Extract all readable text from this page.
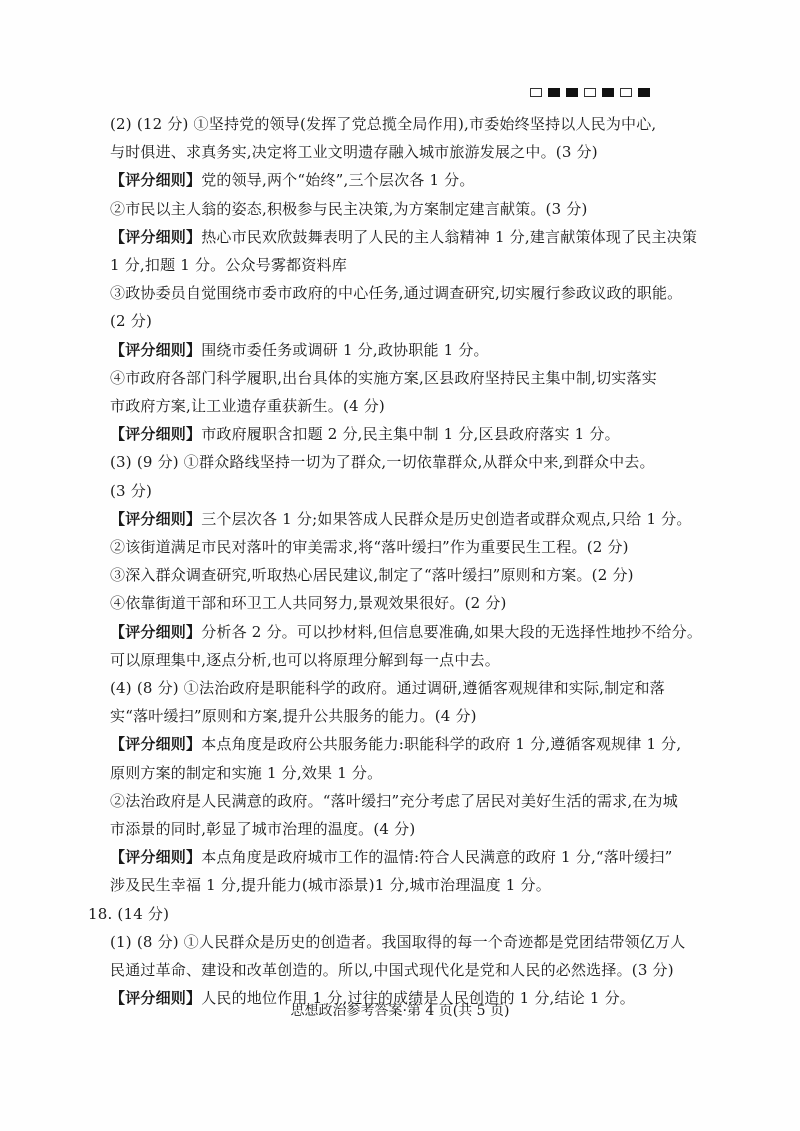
(2) (12 分) ①坚持党的领导(发挥了党总揽全局作用),市委始终坚持以人民为中心,
与时俱进、求真务实,决定将工业文明遗存融入城市旅游发展之中。(3 分)
【评分细则】党的领导,两个“始终”,三个层次各 1 分。
②市民以主人翁的姿态,积极参与民主决策,为方案制定建言献策。(3 分)
【评分细则】热心市民欢欣鼓舞表明了人民的主人翁精神 1 分,建言献策体现了民主决策
1 分,扣题 1 分。公众号雾都资料库
③政协委员自觉围绕市委市政府的中心任务,通过调查研究,切实履行参政议政的职能。
(2 分)
【评分细则】围绕市委任务或调研 1 分,政协职能 1 分。
④市政府各部门科学履职,出台具体的实施方案,区县政府坚持民主集中制,切实落实
市政府方案,让工业遗存重获新生。(4 分)
【评分细则】市政府履职含扣题 2 分,民主集中制 1 分,区县政府落实 1 分。
(3) (9 分) ①群众路线坚持一切为了群众,一切依靠群众,从群众中来,到群众中去。
(3 分)
【评分细则】三个层次各 1 分;如果答成人民群众是历史创造者或群众观点,只给 1 分。
②该街道满足市民对落叶的审美需求,将“落叶缓扫”作为重要民生工程。(2 分)
③深入群众调查研究,听取热心居民建议,制定了“落叶缓扫”原则和方案。(2 分)
④依靠街道干部和环卫工人共同努力,景观效果很好。(2 分)
【评分细则】分析各 2 分。可以抄材料,但信息要准确,如果大段的无选择性地抄不给分。
可以原理集中,逐点分析,也可以将原理分解到每一点中去。
(4) (8 分) ①法治政府是职能科学的政府。通过调研,遵循客观规律和实际,制定和落
实“落叶缓扫”原则和方案,提升公共服务的能力。(4 分)
【评分细则】本点角度是政府公共服务能力:职能科学的政府 1 分,遵循客观规律 1 分,
原则方案的制定和实施 1 分,效果 1 分。
②法治政府是人民满意的政府。“落叶缓扫”充分考虑了居民对美好生活的需求,在为城
市添景的同时,彰显了城市治理的温度。(4 分)
【评分细则】本点角度是政府城市工作的温情:符合人民满意的政府 1 分,“落叶缓扫”
涉及民生幸福 1 分,提升能力(城市添景)1 分,城市治理温度 1 分。
18. (14 分)
(1) (8 分) ①人民群众是历史的创造者。我国取得的每一个奇迹都是党团结带领亿万人
民通过革命、建设和改革创造的。所以,中国式现代化是党和人民的必然选择。(3 分)
【评分细则】人民的地位作用 1 分,过往的成绩是人民创造的 1 分,结论 1 分。
思想政治参考答案·第 4 页(共 5 页)
